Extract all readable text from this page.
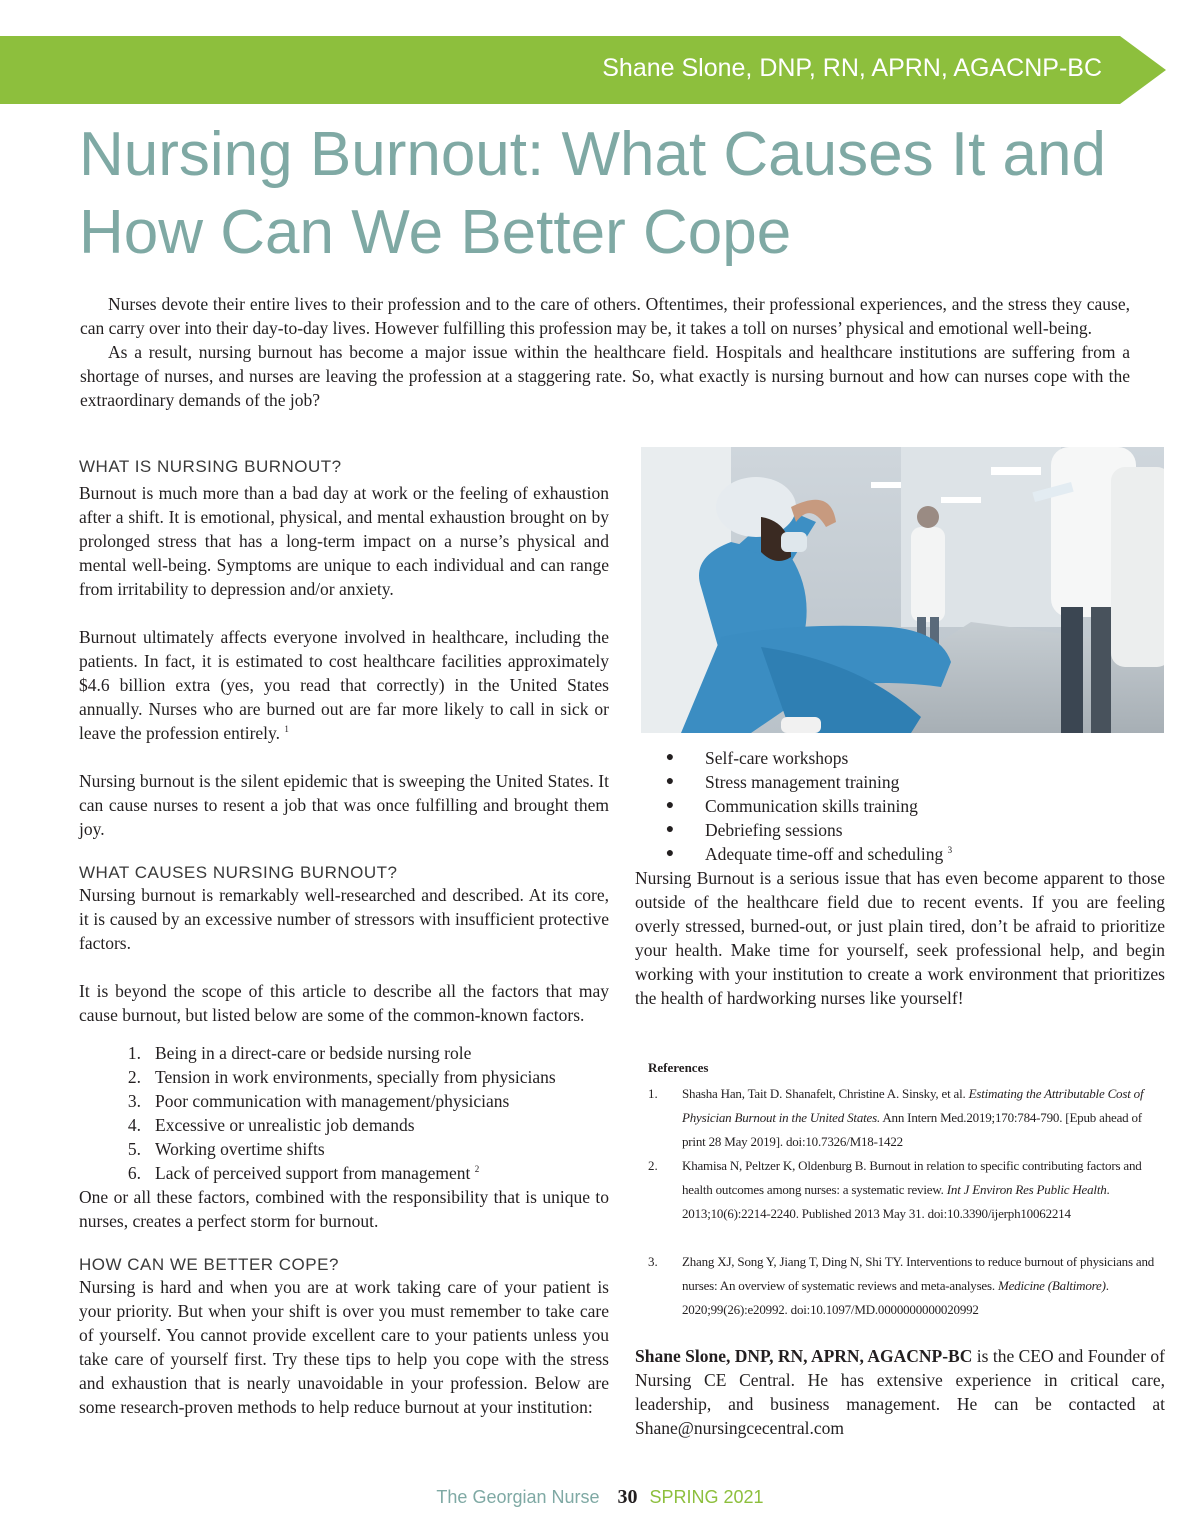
Shane Slone, DNP, RN, APRN, AGACNP-BC
Nursing Burnout: What Causes It and
How Can We Better Cope

Nurses devote their entire lives to their profession and to the care of others. Oftentimes, their professional experiences, and the stress they cause, can carry over into their day-to-day lives. However fulfilling this profession may be, it takes a toll on nurses’ physical and emotional well-being.

As a result, nursing burnout has become a major issue within the healthcare field. Hospitals and healthcare institutions are suffering from a shortage of nurses, and nurses are leaving the profession at a staggering rate. So, what exactly is nursing burnout and how can nurses cope with the extraordinary demands of the job?

WHAT IS NURSING BURNOUT?

Burnout is much more than a bad day at work or the feeling of exhaustion after a shift. It is emotional, physical, and mental exhaustion brought on by prolonged stress that has a long-term impact on a nurse’s physical and mental well-being. Symptoms are unique to each individual and can range from irritability to depression and/or anxiety.

Burnout ultimately affects everyone involved in healthcare, including the patients. In fact, it is estimated to cost healthcare facilities approximately $4.6 billion extra (yes, you read that correctly) in the United States annually. Nurses who are burned out are far more likely to call in sick or leave the profession entirely. $^1$

Nursing burnout is the silent epidemic that is sweeping the United States. It can cause nurses to resent a job that was once fulfilling and brought them joy.

WHAT CAUSES NURSING BURNOUT?

Nursing burnout is remarkably well-researched and described. At its core, it is caused by an excessive number of stressors with insufficient protective factors.

It is beyond the scope of this article to describe all the factors that may cause burnout, but listed below are some of the common-known factors.

1. Being in a direct-care or bedside nursing role
2. Tension in work environments, specially from physicians
3. Poor communication with management/physicians
4. Excessive or unrealistic job demands
5. Working overtime shifts
6. Lack of perceived support from management $^2$

One or all these factors, combined with the responsibility that is unique to nurses, creates a perfect storm for burnout.

HOW CAN WE BETTER COPE?

Nursing is hard and when you are at work taking care of your patient is your priority. But when your shift is over you must remember to take care of yourself. You cannot provide excellent care to your patients unless you take care of yourself first. Try these tips to help you cope with the stress and exhaustion that is nearly unavoidable in your profession. Below are some research-proven methods to help reduce burnout at your institution:

●	Self-care workshops
●	Stress management training
●	Communication skills training
●	Debriefing sessions
●	Adequate time-off and scheduling $^3$

Nursing Burnout is a serious issue that has even become apparent to those outside of the healthcare field due to recent events. If you are feeling overly stressed, burned-out, or just plain tired, don’t be afraid to prioritize your health. Make time for yourself, seek professional help, and begin working with your institution to create a work environment that prioritizes the health of hardworking nurses like yourself!

References

1.	Shasha Han, Tait D. Shanafelt, Christine A. Sinsky, et al. Estimating the Attributable Cost of Physician Burnout in the United States. Ann Intern Med.2019;170:784-790. [Epub ahead of print 28 May 2019]. doi:10.7326/M18-1422
2.	Khamisa N, Peltzer K, Oldenburg B. Burnout in relation to specific contributing factors and health outcomes among nurses: a systematic review. Int J Environ Res Public Health. 2013;10(6):2214-2240. Published 2013 May 31. doi:10.3390/ijerph10062214
3.	Zhang XJ, Song Y, Jiang T, Ding N, Shi TY. Interventions to reduce burnout of physicians and nurses: An overview of systematic reviews and meta-analyses. Medicine (Baltimore). 2020;99(26):e20992. doi:10.1097/MD.0000000000020992

Shane Slone, DNP, RN, APRN, AGACNP-BC is the CEO and Founder of Nursing CE Central. He has extensive experience in critical care, leadership, and business management. He can be contacted at Shane@nursingcecentral.com

The Georgian Nurse 30 SPRING 2021
